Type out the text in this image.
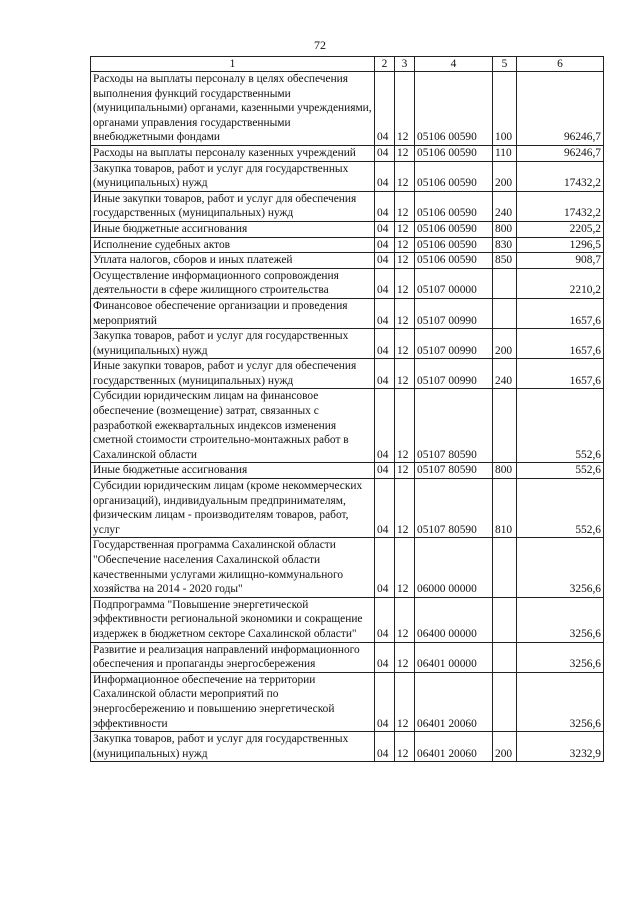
72
1	2	3	4	5	6
Расходы на выплаты персоналу в целях обеспечения выполнения функций государственными (муниципальными) органами, казенными учреждениями, органами управления государственными внебюджетными фондами	04	12	05106 00590	100	96246,7
Расходы на выплаты персоналу казенных учреждений	04	12	05106 00590	110	96246,7
Закупка товаров, работ и услуг для государственных (муниципальных) нужд	04	12	05106 00590	200	17432,2
Иные закупки товаров, работ и услуг для обеспечения государственных (муниципальных) нужд	04	12	05106 00590	240	17432,2
Иные бюджетные ассигнования	04	12	05106 00590	800	2205,2
Исполнение судебных актов	04	12	05106 00590	830	1296,5
Уплата налогов, сборов и иных платежей	04	12	05106 00590	850	908,7
Осуществление информационного сопровождения деятельности в сфере жилищного строительства	04	12	05107 00000		2210,2
Финансовое обеспечение организации и проведения мероприятий	04	12	05107 00990		1657,6
Закупка товаров, работ и услуг для государственных (муниципальных) нужд	04	12	05107 00990	200	1657,6
Иные закупки товаров, работ и услуг для обеспечения государственных (муниципальных) нужд	04	12	05107 00990	240	1657,6
Субсидии юридическим лицам на финансовое обеспечение (возмещение) затрат, связанных с разработкой ежеквартальных индексов изменения сметной стоимости строительно-монтажных работ в Сахалинской области	04	12	05107 80590		552,6
Иные бюджетные ассигнования	04	12	05107 80590	800	552,6
Субсидии юридическим лицам (кроме некоммерческих организаций), индивидуальным предпринимателям, физическим лицам - производителям товаров, работ, услуг	04	12	05107 80590	810	552,6
Государственная программа Сахалинской области "Обеспечение населения Сахалинской области качественными услугами жилищно-коммунального хозяйства на 2014 - 2020 годы"	04	12	06000 00000		3256,6
Подпрограмма "Повышение энергетической эффективности региональной экономики и сокращение издержек в бюджетном секторе Сахалинской области"	04	12	06400 00000		3256,6
Развитие и реализация направлений информационного обеспечения и пропаганды энергосбережения	04	12	06401 00000		3256,6
Информационное обеспечение на территории Сахалинской области мероприятий по энергосбережению и повышению энергетической эффективности	04	12	06401 20060		3256,6
Закупка товаров, работ и услуг для государственных (муниципальных) нужд	04	12	06401 20060	200	3232,9
